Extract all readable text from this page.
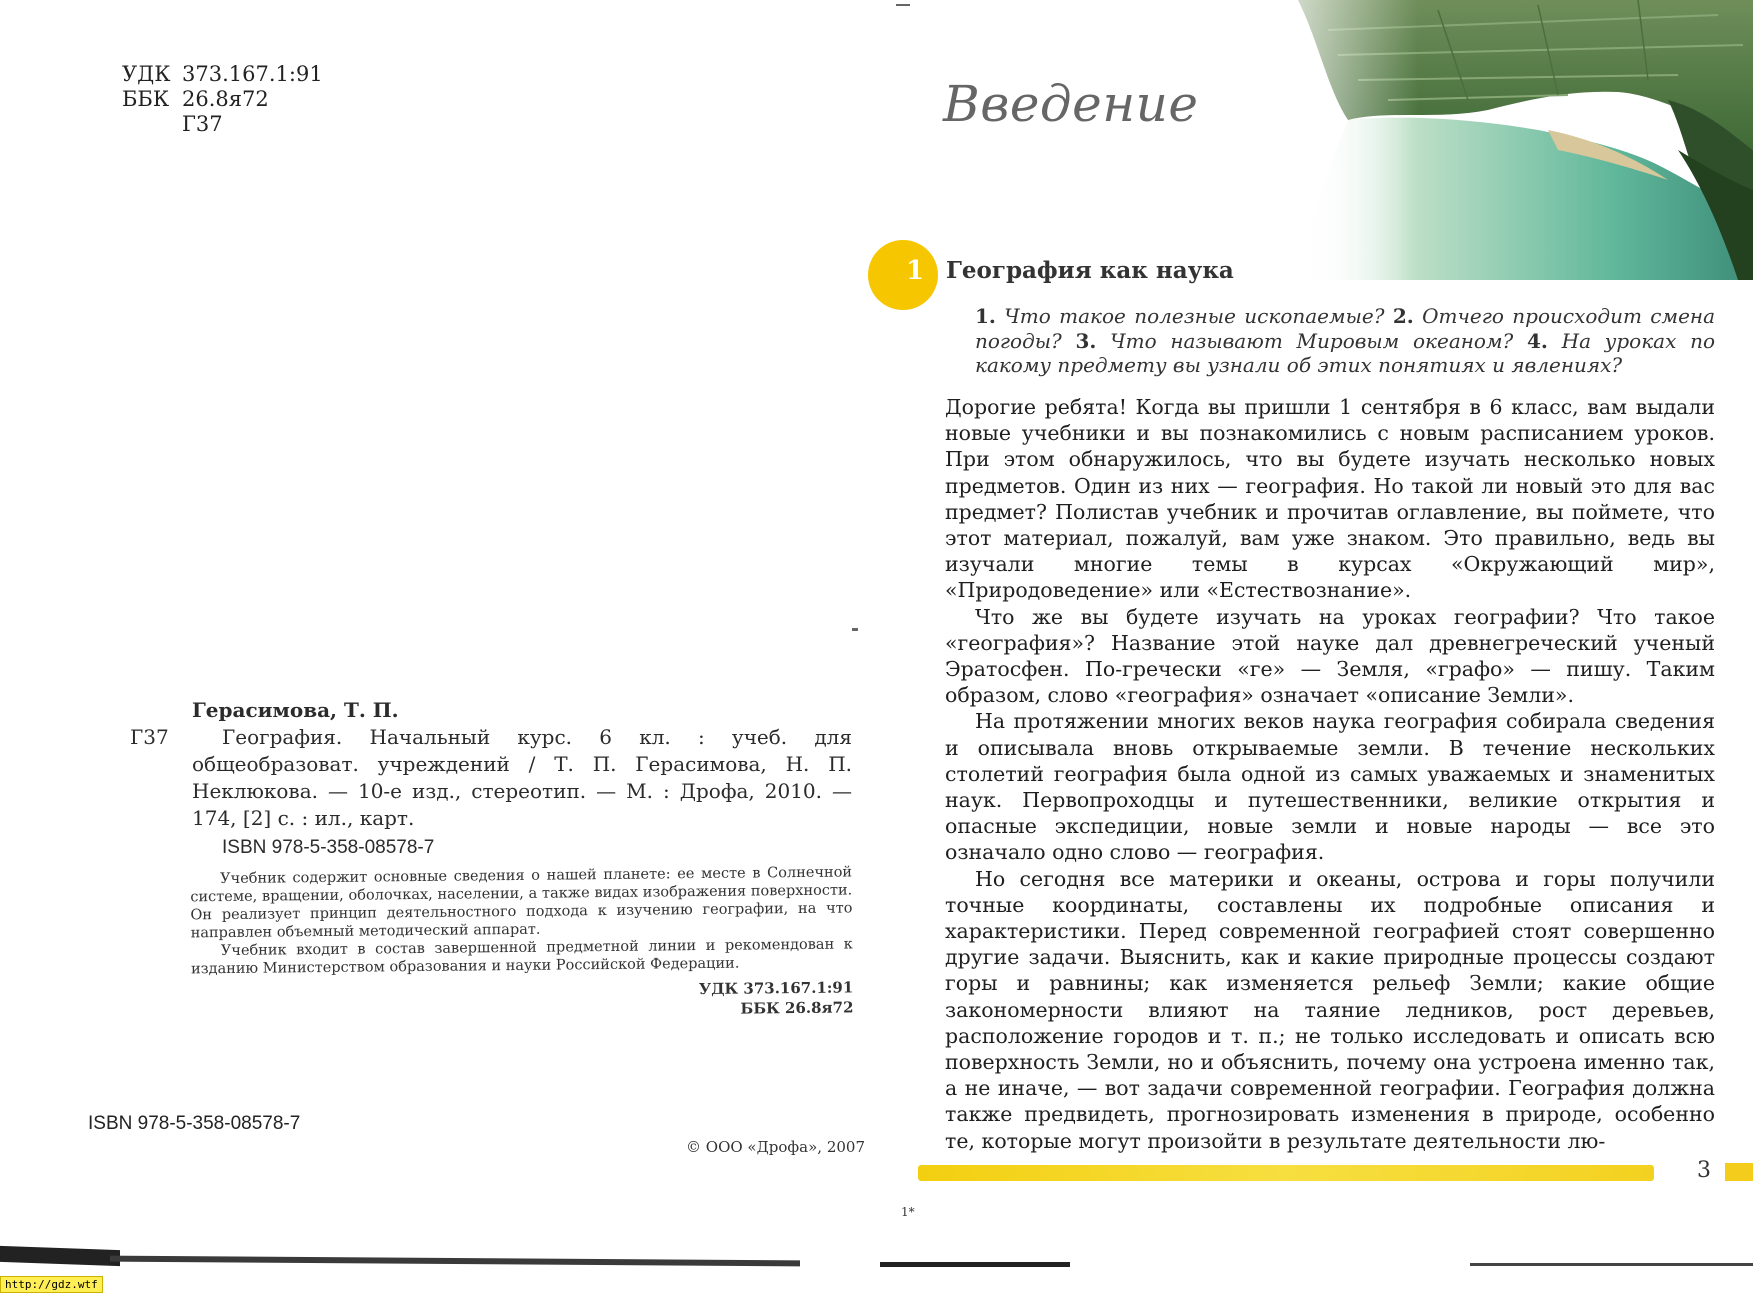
УДК 373.167.1:91
ББК 26.8я72
Г37
Герасимова, Т. П.
Г37	География. Начальный курс. 6 кл. : учеб. для общеобразоват. учреждений / Т. П. Герасимова, Н. П. Неклюкова. — 10-е изд., стереотип. — М. : Дрофа, 2010. — 174, [2] с. : ил., карт.
ISBN 978-5-358-08578-7

Учебник содержит основные сведения о нашей планете: ее месте в Солнечной системе, вращении, оболочках, населении, а также видах изображения поверхности. Он реализует принцип деятельностного подхода к изучению географии, на что направлен объемный методический аппарат.

Учебник входит в состав завершенной предметной линии и рекомендован к изданию Министерством образования и науки Российской Федерации.

УДК 373.167.1:91
ББК 26.8я72
ISBN 978-5-358-08578-7
© ООО «Дрофа», 2007
Введение
1 География как наука
1. Что такое полезные ископаемые? 2. Отчего происходит смена погоды? 3. Что называют Мировым океаном? 4. На уроках по какому предмету вы узнали об этих понятиях и явлениях?

Дорогие ребята! Когда вы пришли 1 сентября в 6 класс, вам выдали новые учебники и вы познакомились с новым расписанием уроков. При этом обнаружилось, что вы будете изучать несколько новых предметов. Один из них — география. Но такой ли новый это для вас предмет? Полистав учебник и прочитав оглавление, вы поймете, что этот материал, пожалуй, вам уже знаком. Это правильно, ведь вы изучали многие темы в курсах «Окружающий мир», «Природоведение» или «Естествознание».

Что же вы будете изучать на уроках географии? Что такое «география»? Название этой науке дал древнегреческий ученый Эратосфен. По-гречески «ге» — Земля, «графо» — пишу. Таким образом, слово «география» означает «описание Земли».

На протяжении многих веков наука география собирала сведения и описывала вновь открываемые земли. В течение нескольких столетий география была одной из самых уважаемых и знаменитых наук. Первопроходцы и путешественники, великие открытия и опасные экспедиции, новые земли и новые народы — все это означало одно слово — география.

Но сегодня все материки и океаны, острова и горы получили точные координаты, составлены их подробные описания и характеристики. Перед современной географией стоят совершенно другие задачи. Выяснить, как и какие природные процессы создают горы и равнины; как изменяется рельеф Земли; какие общие закономерности влияют на таяние ледников, рост деревьев, расположение городов и т. п.; не только исследовать и описать всю поверхность Земли, но и объяснить, почему она устроена именно так, а не иначе, — вот задачи современной географии. География должна также предвидеть, прогнозировать изменения в природе, особенно те, которые могут произойти в результате деятельности лю-

3
1*
http://gdz.wtf
